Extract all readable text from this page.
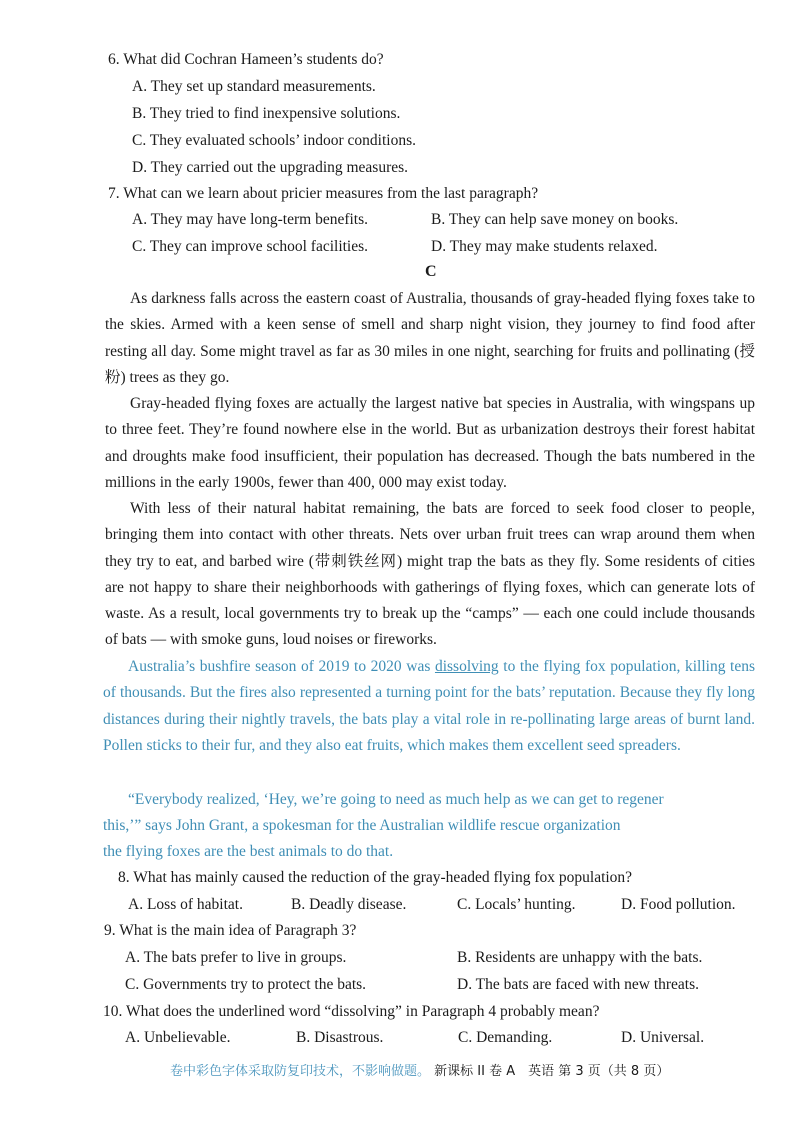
6. What did Cochran Hameen’s students do?
A. They set up standard measurements.
B. They tried to find inexpensive solutions.
C. They evaluated schools’ indoor conditions.
D. They carried out the upgrading measures.
7. What can we learn about pricier measures from the last paragraph?
A. They may have long-term benefits.	B. They can help save money on books.
C. They can improve school facilities.	D. They may make students relaxed.
C
As darkness falls across the eastern coast of Australia, thousands of gray-headed flying foxes take to the skies. Armed with a keen sense of smell and sharp night vision, they journey to find food after resting all day. Some might travel as far as 30 miles in one night, searching for fruits and pollinating (授粉) trees as they go.
Gray-headed flying foxes are actually the largest native bat species in Australia, with wingspans up to three feet. They’re found nowhere else in the world. But as urbanization destroys their forest habitat and droughts make food insufficient, their population has decreased. Though the bats numbered in the millions in the early 1900s, fewer than 400, 000 may exist today.
With less of their natural habitat remaining, the bats are forced to seek food closer to people, bringing them into contact with other threats. Nets over urban fruit trees can wrap around them when they try to eat, and barbed wire (带刺铁丝网) might trap the bats as they fly. Some residents of cities are not happy to share their neighborhoods with gatherings of flying foxes, which can generate lots of waste. As a result, local governments try to break up the “camps” — each one could include thousands of bats — with smoke guns, loud noises or fireworks.
Australia’s bushfire season of 2019 to 2020 was dissolving to the flying fox population, killing tens of thousands. But the fires also represented a turning point for the bats’ reputation. Because they fly long distances during their nightly travels, the bats play a vital role in re-pollinating large areas of burnt land. Pollen sticks to their fur, and they also eat fruits, which makes them excellent seed spreaders.
“Everybody realized, ‘Hey, we’re going to need as much help as we can get to regener
this,’” says John Grant, a spokesman for the Australian wildlife rescue organization
the flying foxes are the best animals to do that.
8. What has mainly caused the reduction of the gray-headed flying fox population?
A. Loss of habitat.	B. Deadly disease.	C. Locals’ hunting.	D. Food pollution.
9. What is the main idea of Paragraph 3?
A. The bats prefer to live in groups.	B. Residents are unhappy with the bats.
C. Governments try to protect the bats.	D. The bats are faced with new threats.
10. What does the underlined word “dissolving” in Paragraph 4 probably mean?
A. Unbelievable.	B. Disastrous.	C. Demanding.	D. Universal.
卷中彩色字体采取防复印技术，不影响做题。 新课标 II 卷 A　英语 第 3 页（共 8 页）
